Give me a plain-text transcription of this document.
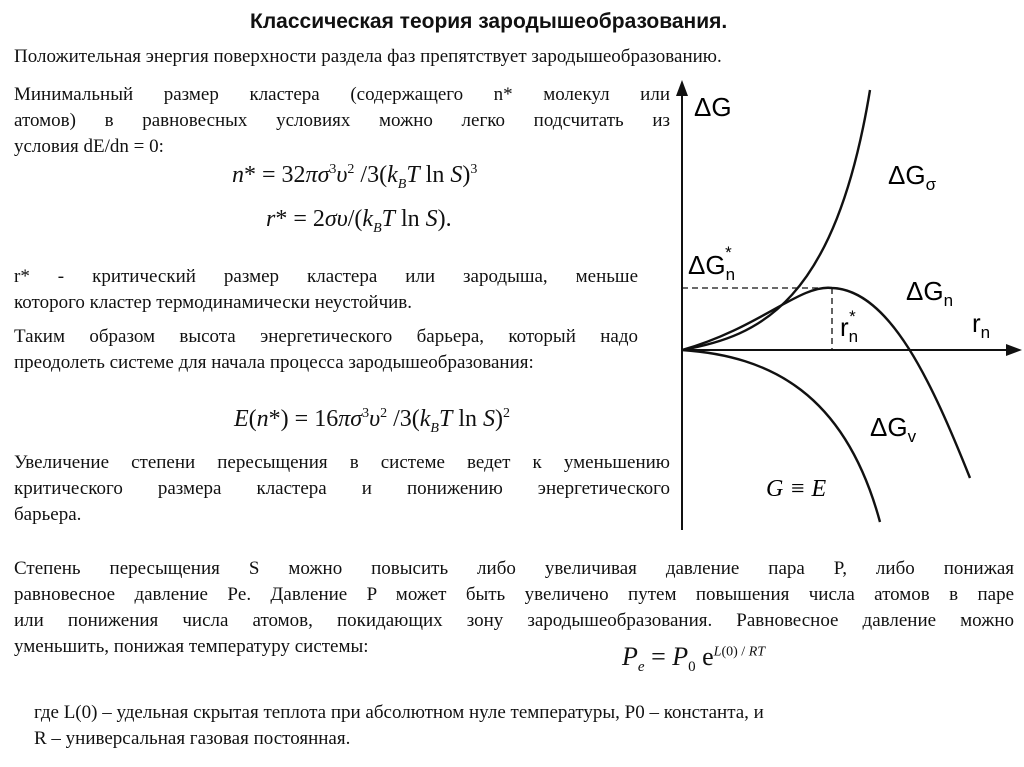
Классическая теория зародышеобразования.
Положительная энергия поверхности раздела фаз препятствует зародышеобразованию.
Минимальный размер кластера (содержащего n* молекул или
атомов) в равновесных условиях можно легко подсчитать из
условия dE/dn = 0:
$n* = 32\pi\sigma^3\upsilon^2$ $/3(k_BT$ ln S)$^3$
$r* = 2\sigma\upsilon/(k_BT$ ln S).
r* - критический размер кластера или зародыша, меньше
которого кластер термодинамически неустойчив.
Таким образом высота энергетического барьера, который надо
преодолеть системе для начала процесса зародышеобразования:
$E(n*) = 16\pi\sigma^3\upsilon^2$ $/3(k_BT$ ln S)$^2$
Увеличение степени пересыщения в системе ведет к уменьшению
критического размера кластера и понижению энергетического
барьера.
Степень пересыщения S можно повысить либо увеличивая давление пара P, либо понижая
равновесное давление Pe. Давление P может быть увеличено путем повышения числа атомов в паре
или понижения числа атомов, покидающих зону зародышеобразования. Равновесное давление можно
уменьшить, понижая температуру системы:	$P_e = P_0$ $e^{L(0) / RT}$
где L(0) – удельная скрытая теплота при абсолютном нуле температуры, P0 – константа, и
R – универсальная газовая постоянная.
ΔG
$\Delta G_\sigma$
$\Delta G_n*$
$\Delta G_n$
$r_n*$	$r_n$
$\Delta G_v$
G ≡ E
